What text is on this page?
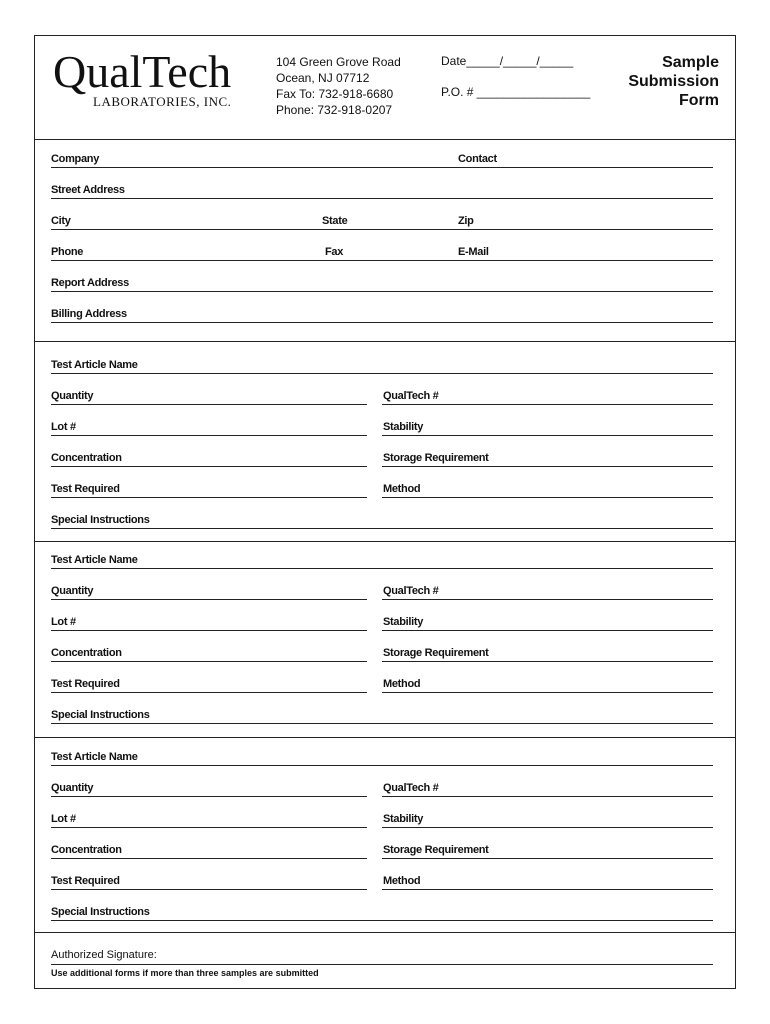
QualTech
LABORATORIES, INC.
104 Green Grove Road
Ocean, NJ 07712
Fax To: 732-918-6680
Phone: 732-918-0207
Date_____/_____/_____
P.O. # _________________
Sample
Submission
Form
Company	Contact
Street Address
City	State	Zip
Phone	Fax	E-Mail
Report Address
Billing Address
Test Article Name
Quantity	QualTech #
Lot #	Stability
Concentration	Storage Requirement
Test Required	Method
Special Instructions
Test Article Name
Quantity	QualTech #
Lot #	Stability
Concentration	Storage Requirement
Test Required	Method
Special Instructions
Test Article Name
Quantity	QualTech #
Lot #	Stability
Concentration	Storage Requirement
Test Required	Method
Special Instructions
Authorized Signature:
Use additional forms if more than three samples are submitted
